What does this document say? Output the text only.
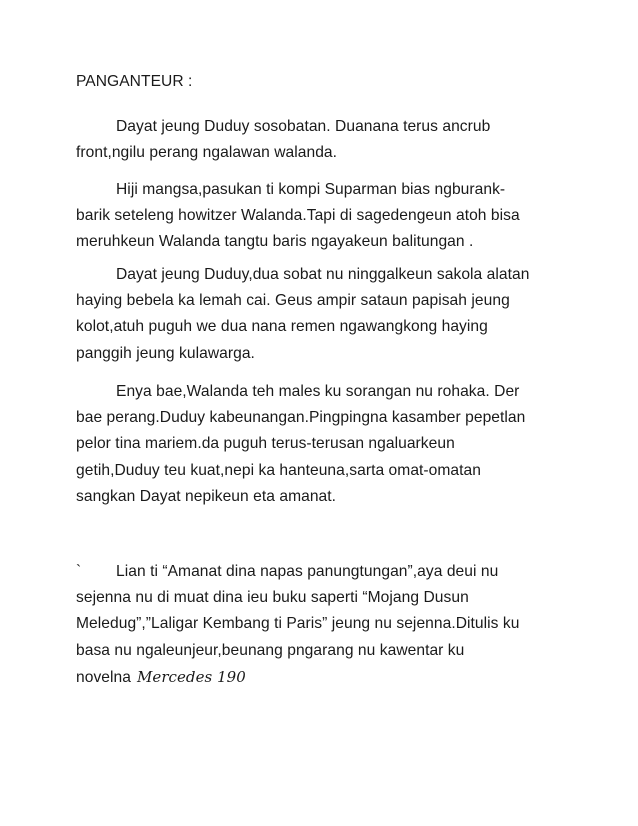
PANGANTEUR :

Dayat jeung Duduy sosobatan. Duanana terus ancrub
front,ngilu perang ngalawan walanda.

Hiji mangsa,pasukan ti kompi Suparman bias ngburank-
barik seteleng howitzer Walanda.Tapi di sagedengeun atoh bisa
meruhkeun Walanda tangtu baris ngayakeun balitungan .

Dayat jeung Duduy,dua sobat nu ninggalkeun sakola alatan
haying bebela ka lemah cai. Geus ampir sataun papisah jeung
kolot,atuh puguh we dua nana remen ngawangkong haying
panggih jeung kulawarga.

Enya bae,Walanda teh males ku sorangan nu rohaka. Der
bae perang.Duduy kabeunangan.Pingpingna kasamber pepetlan
pelor tina mariem.da puguh terus-terusan ngaluarkeun
getih,Duduy teu kuat,nepi ka hanteuna,sarta omat-omatan
sangkan Dayat nepikeun eta amanat.

` Lian ti “Amanat dina napas panungtungan”,aya deui nu
sejenna nu di muat dina ieu buku saperti “Mojang Dusun
Meledug”,”Laligar Kembang ti Paris” jeung nu sejenna.Ditulis ku
basa nu ngaleunjeur,beunang pngarang nu kawentar ku
novelna Mercedes 190
